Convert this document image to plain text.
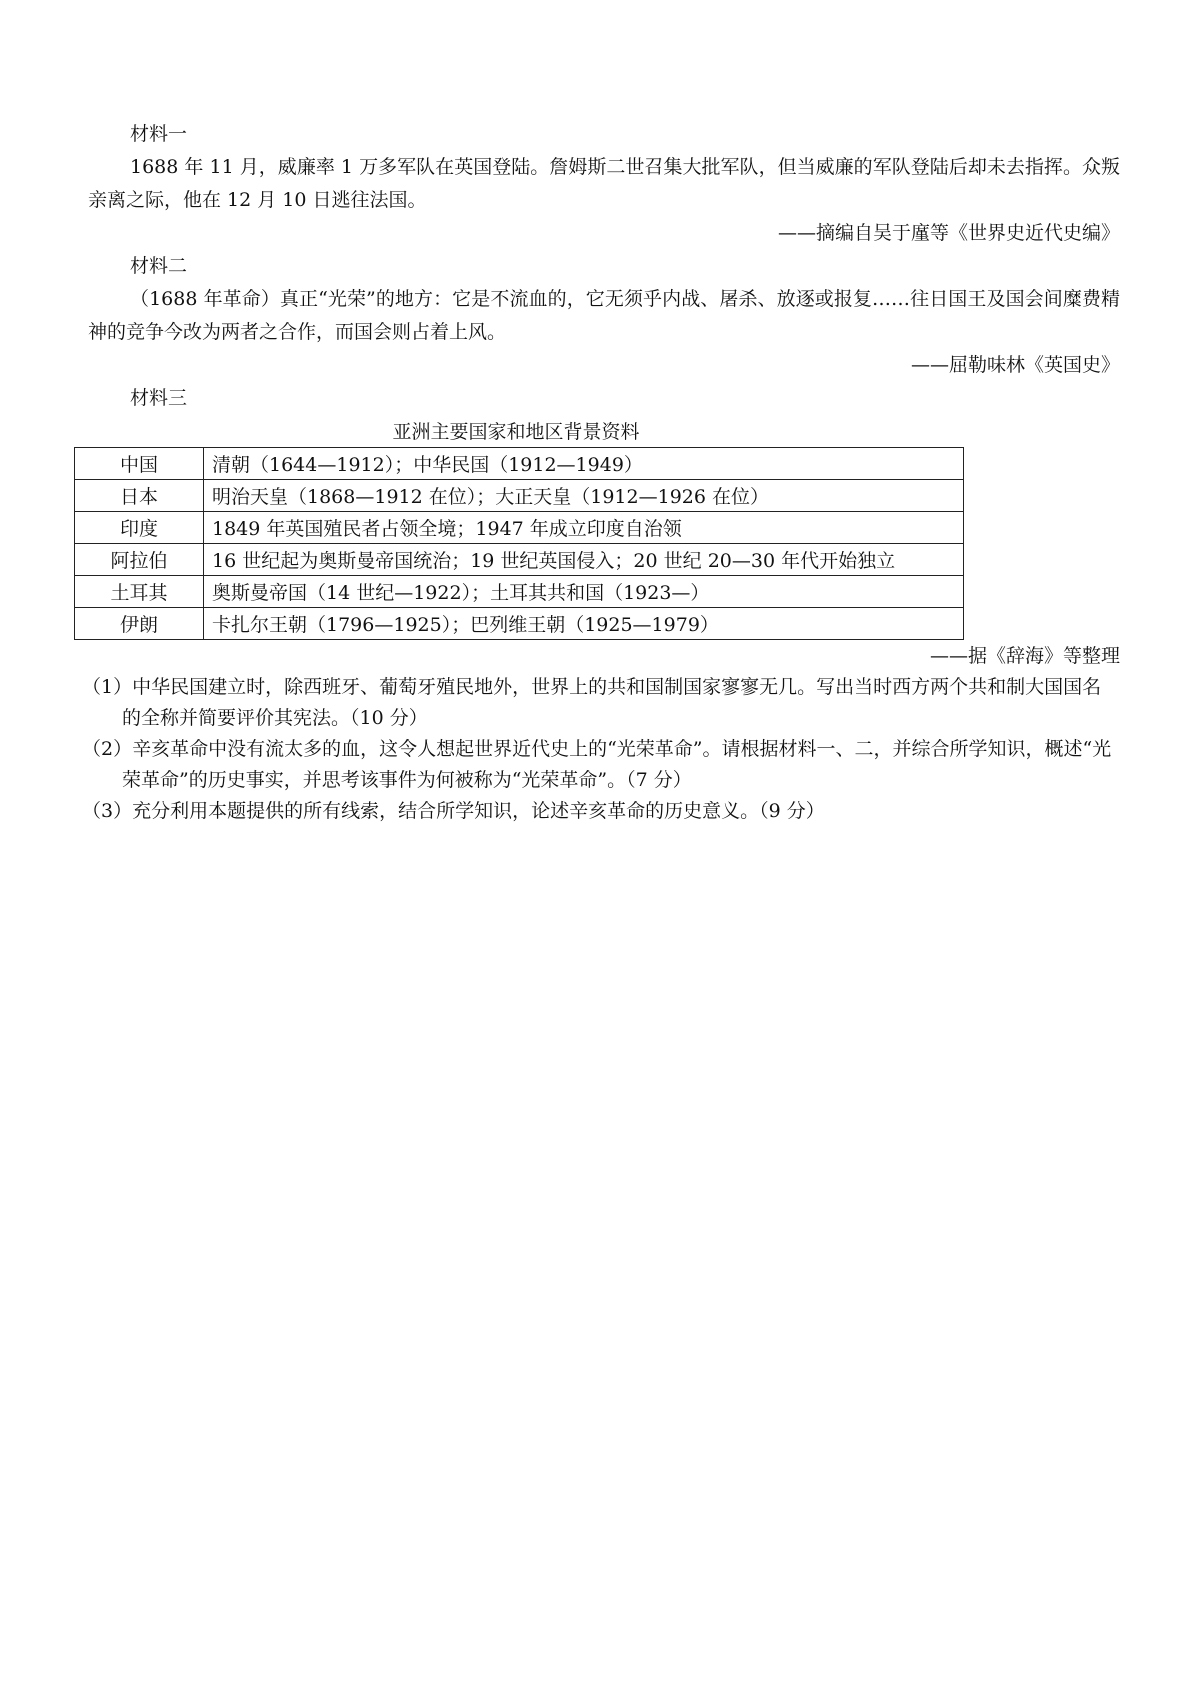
材料一
1688 年 11 月，威廉率 1 万多军队在英国登陆。詹姆斯二世召集大批军队，但当威廉的军队登陆后却未去指挥。众叛亲离之际，他在 12 月 10 日逃往法国。
——摘编自吴于廑等《世界史近代史编》
材料二
（1688 年革命）真正“光荣”的地方：它是不流血的，它无须乎内战、屠杀、放逐或报复……往日国王及国会间糜费精神的竞争今改为两者之合作，而国会则占着上风。
——屈勒味林《英国史》
材料三
亚洲主要国家和地区背景资料
中国	清朝（1644—1912）；中华民国（1912—1949）
日本	明治天皇（1868—1912 在位）；大正天皇（1912—1926 在位）
印度	1849 年英国殖民者占领全境；1947 年成立印度自治领
阿拉伯	16 世纪起为奥斯曼帝国统治；19 世纪英国侵入；20 世纪 20—30 年代开始独立
土耳其	奥斯曼帝国（14 世纪—1922）；土耳其共和国（1923—）
伊朗	卡扎尔王朝（1796—1925）；巴列维王朝（1925—1979）
——据《辞海》等整理
（1）中华民国建立时，除西班牙、葡萄牙殖民地外，世界上的共和国制国家寥寥无几。写出当时西方两个共和制大国国名的全称并简要评价其宪法。（10 分）
（2）辛亥革命中没有流太多的血，这令人想起世界近代史上的“光荣革命”。请根据材料一、二，并综合所学知识，概述“光荣革命”的历史事实，并思考该事件为何被称为“光荣革命”。（7 分）
（3）充分利用本题提供的所有线索，结合所学知识，论述辛亥革命的历史意义。（9 分）
